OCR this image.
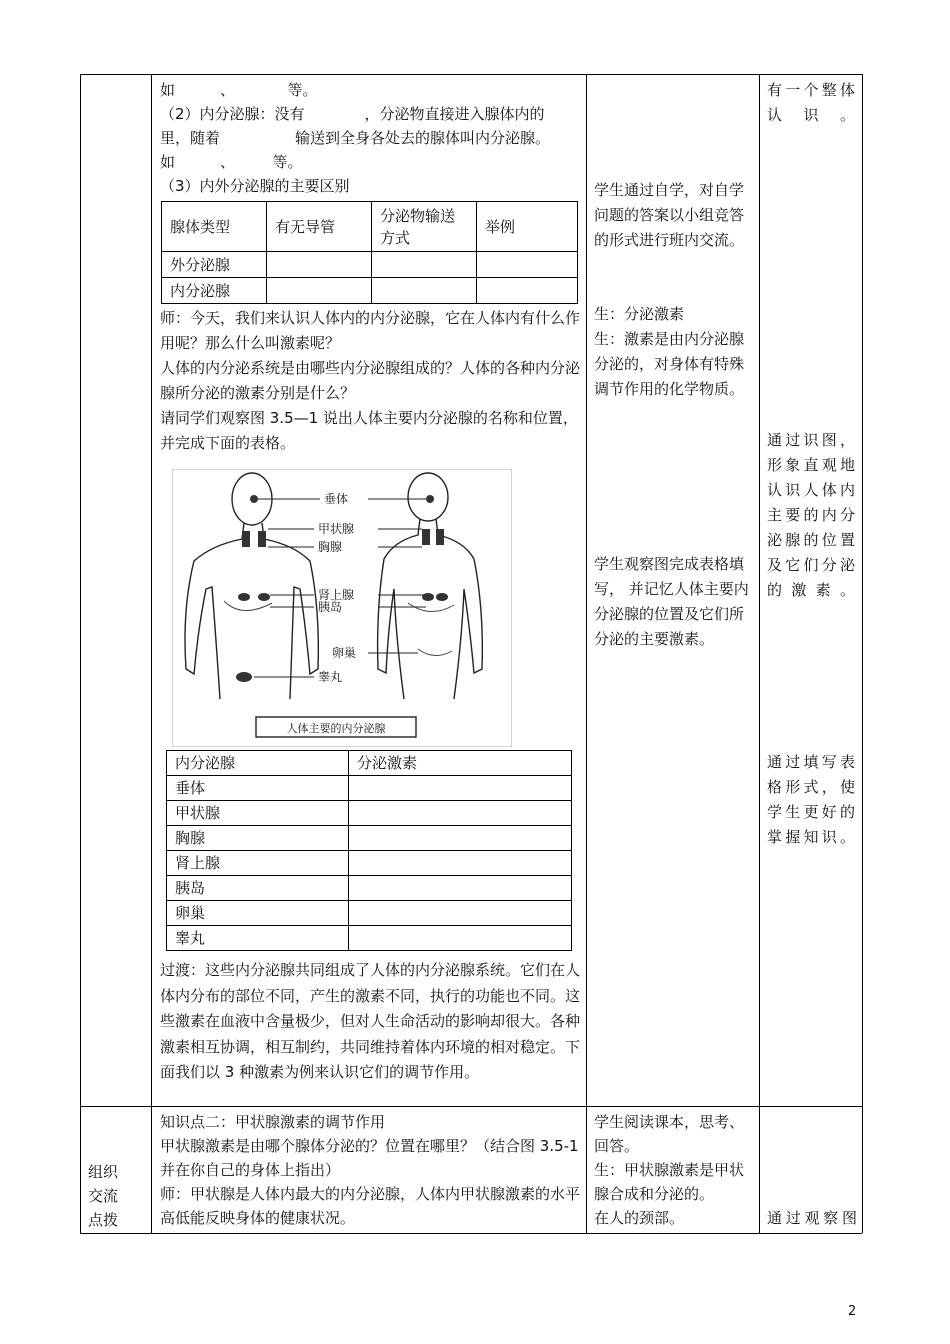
如　　　、　　　　等。

（2）内分泌腺：没有　　　　，分泌物直接进入腺体内的

里，随着　　　　　输送到全身各处去的腺体叫内分泌腺。

如　　　、　　　等。

（3）内外分泌腺的主要区别

腺体类型	有无导管	分泌物输送方式	举例
外分泌腺			
内分泌腺			

师：今天，我们来认识人体内的内分泌腺，它在人体内有什么作用呢？那么什么叫激素呢？

人体的内分泌系统是由哪些内分泌腺组成的？人体的各种内分泌腺所分泌的激素分别是什么？

请同学们观察图 3.5—1 说出人体主要内分泌腺的名称和位置，并完成下面的表格。

垂体
甲状腺
胸腺
肾上腺
胰岛
卵巢
睾丸
人体主要的内分泌腺
内分泌腺	分泌激素
垂体	
甲状腺	
胸腺	
肾上腺	
胰岛	
卵巢	
睾丸	

过渡：这些内分泌腺共同组成了人体的内分泌腺系统。它们在人体内分布的部位不同，产生的激素不同，执行的功能也不同。这些激素在血液中含量极少，但对人生命活动的影响却很大。各种激素相互协调，相互制约，共同维持着体内环境的相对稳定。下面我们以 3 种激素为例来认识它们的调节作用。

学生通过自学，对自学问题的答案以小组竞答的形式进行班内交流。

生：分泌激素

生：激素是由内分泌腺分泌的，对身体有特殊调节作用的化学物质。

学生观察图完成表格填写， 并记忆人体主要内分泌腺的位置及它们所分泌的主要激素。

有一个整体认识。

通过识图，形象直观地认识人体内主要的内分泌腺的位置及它们分泌的激素。

通过填写表格形式，使学生更好的掌握知识。

组织

交流

点拨

知识点二：甲状腺激素的调节作用

甲状腺激素是由哪个腺体分泌的？位置在哪里？（结合图 3.5-1 并在你自己的身体上指出）

师：甲状腺是人体内最大的内分泌腺，人体内甲状腺激素的水平高低能反映身体的健康状况。

学生阅读课本，思考、回答。

生：甲状腺激素是甲状腺合成和分泌的。

在人的颈部。	通过观察图

2
